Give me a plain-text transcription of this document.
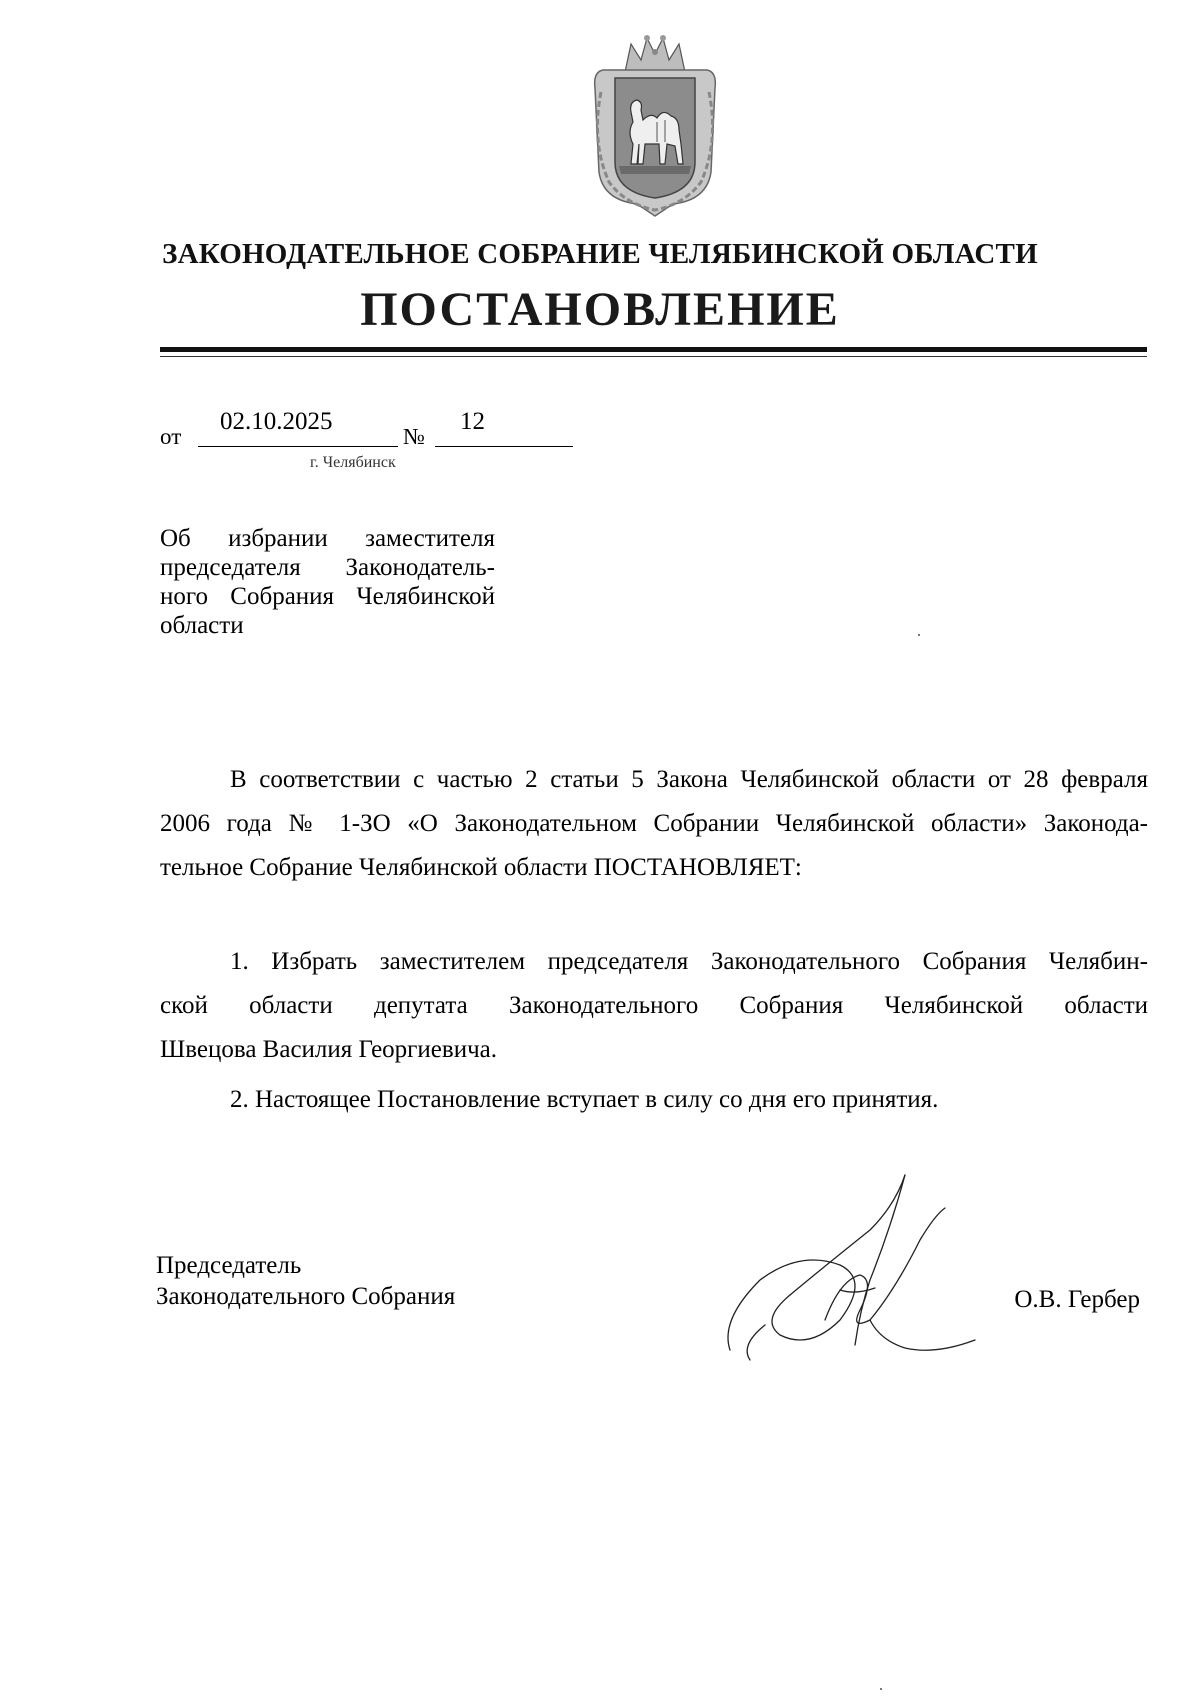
ЗАКОНОДАТЕЛЬНОЕ СОБРАНИЕ ЧЕЛЯБИНСКОЙ ОБЛАСТИ
ПОСТАНОВЛЕНИЕ
от
02.10.2025
№
12
г. Челябинск
Об избрании заместителя
председателя Законодатель-
ного Собрания Челябинской
области

В соответствии с частью 2 статьи 5 Закона Челябинской области от 28 февраля
2006 года № 1-ЗО «О Законодательном Собрании Челябинской области» Законода-
тельное Собрание Челябинской области ПОСТАНОВЛЯЕТ:

1. Избрать заместителем председателя Законодательного Собрания Челябин-
ской области депутата Законодательного Собрания Челябинской области
Швецова Василия Георгиевича.

2. Настоящее Постановление вступает в силу со дня его принятия.

Председатель
Законодательного Собрания	О.В. Гербер
